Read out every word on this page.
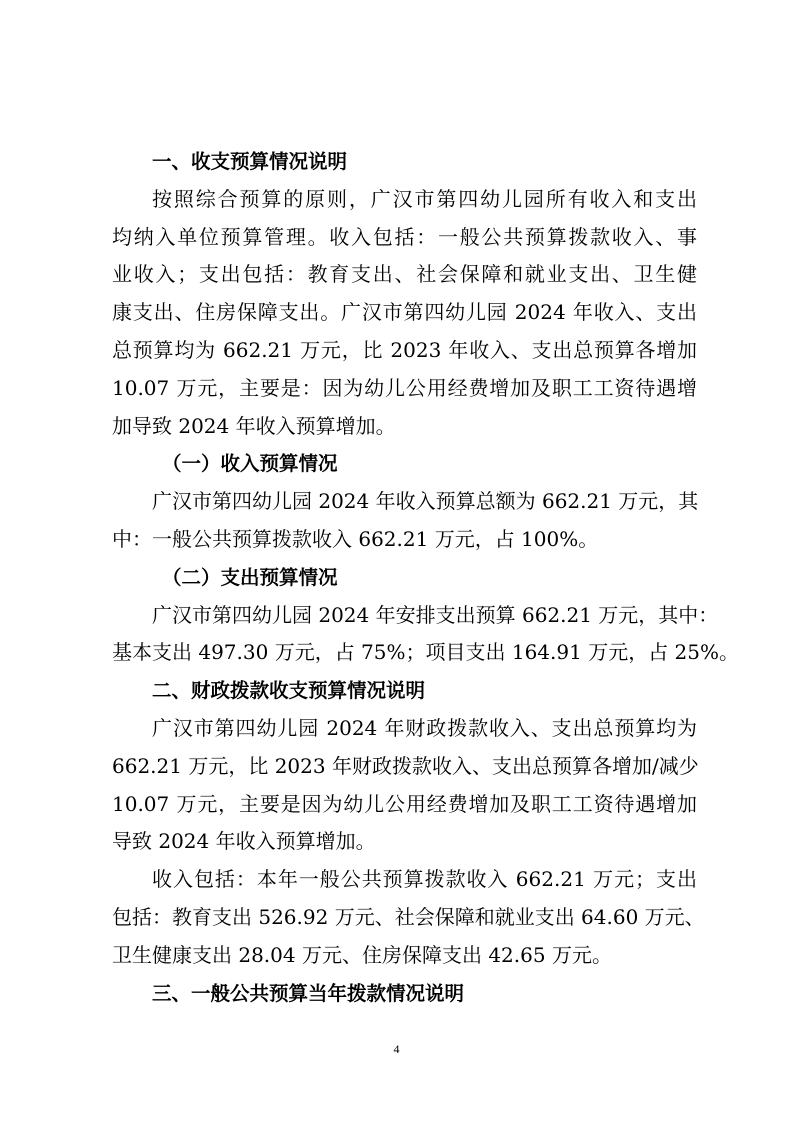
一、收支预算情况说明
按照综合预算的原则，广汉市第四幼儿园所有收入和支出
均纳入单位预算管理。收入包括：一般公共预算拨款收入、事
业收入；支出包括：教育支出、社会保障和就业支出、卫生健
康支出、住房保障支出。广汉市第四幼儿园 2024 年收入、支出
总预算均为 662.21 万元，比 2023 年收入、支出总预算各增加
10.07 万元，主要是：因为幼儿公用经费增加及职工工资待遇增
加导致 2024 年收入预算增加。
（一）收入预算情况
广汉市第四幼儿园 2024 年收入预算总额为 662.21 万元，其
中：一般公共预算拨款收入 662.21 万元，占 100%。
（二）支出预算情况
广汉市第四幼儿园 2024 年安排支出预算 662.21 万元，其中：
基本支出 497.30 万元，占 75%；项目支出 164.91 万元，占 25%。
二、财政拨款收支预算情况说明
广汉市第四幼儿园 2024 年财政拨款收入、支出总预算均为
662.21 万元，比 2023 年财政拨款收入、支出总预算各增加/减少
10.07 万元，主要是因为幼儿公用经费增加及职工工资待遇增加
导致 2024 年收入预算增加。
收入包括：本年一般公共预算拨款收入 662.21 万元；支出
包括：教育支出 526.92 万元、社会保障和就业支出 64.60 万元、
卫生健康支出 28.04 万元、住房保障支出 42.65 万元。
三、一般公共预算当年拨款情况说明
4
